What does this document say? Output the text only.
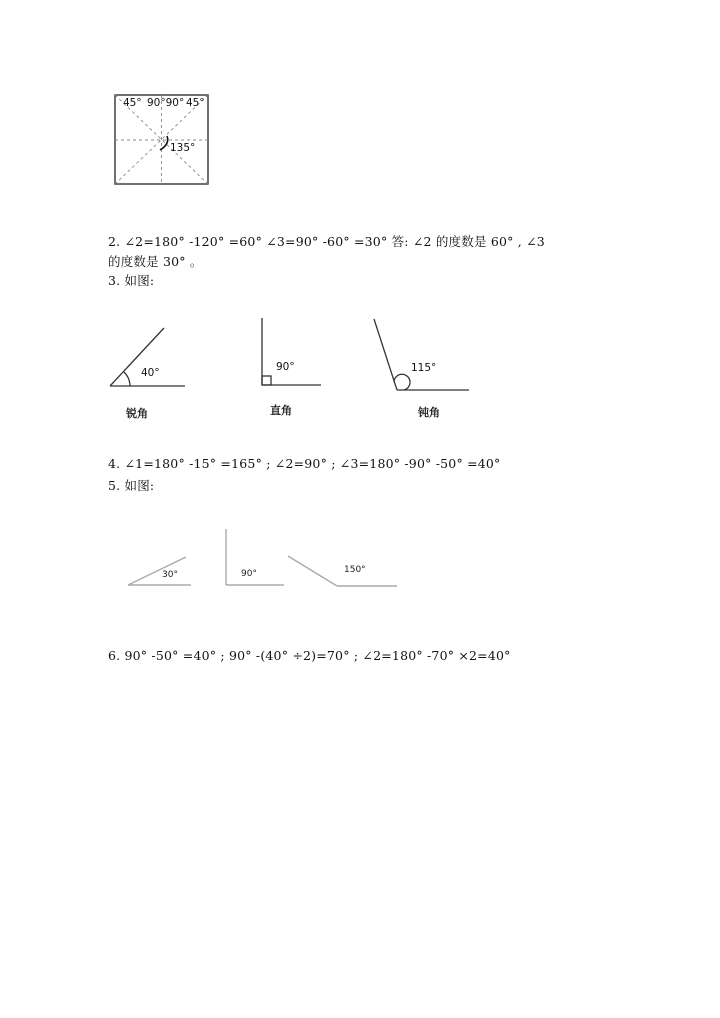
45° 90°90° 45°
135°
2. ∠2=180° -120° =60° ∠3=90° -60° =30° 答: ∠2 的度数是 60° , ∠3
的度数是 30° 。
3. 如图:
40°
锐角
90°
直角
115°
钝角
4. ∠1=180° -15° =165° ; ∠2=90° ; ∠3=180° -90° -50° =40°
5. 如图:
30°	90°	150°
6. 90° -50° =40° ; 90° -(40° ÷2)=70° ; ∠2=180° -70° ×2=40°
